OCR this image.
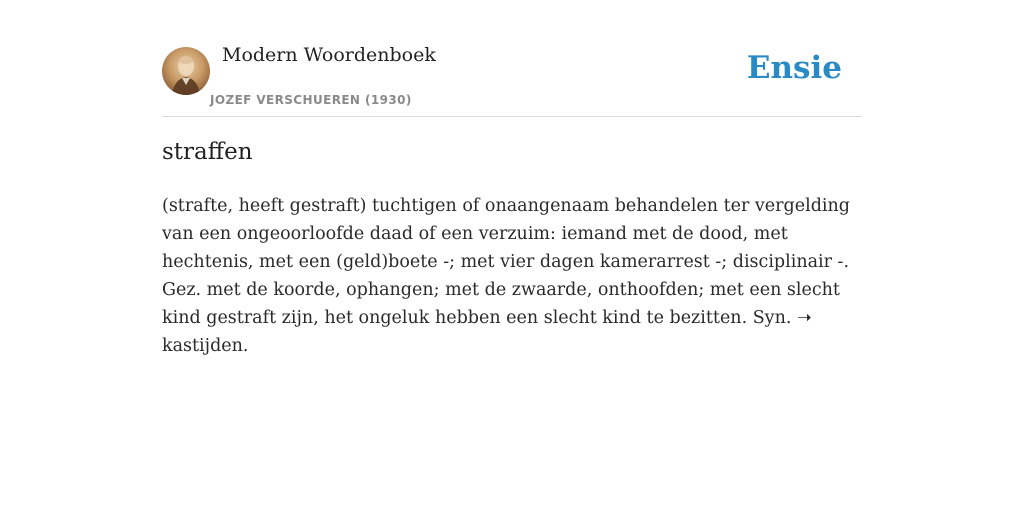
Modern Woordenboek
JOZEF VERSCHUEREN (1930)
Ensie
straffen
(strafte, heeft gestraft) tuchtigen of onaangenaam behandelen ter vergelding van een ongeoorloofde daad of een verzuim: iemand met de dood, met hechtenis, met een (geld)boete -; met vier dagen kamerarrest -; disciplinair -. Gez. met de koorde, ophangen; met de zwaarde, onthoofden; met een slecht kind gestraft zijn, het ongeluk hebben een slecht kind te bezitten. Syn. ➝ kastijden.
